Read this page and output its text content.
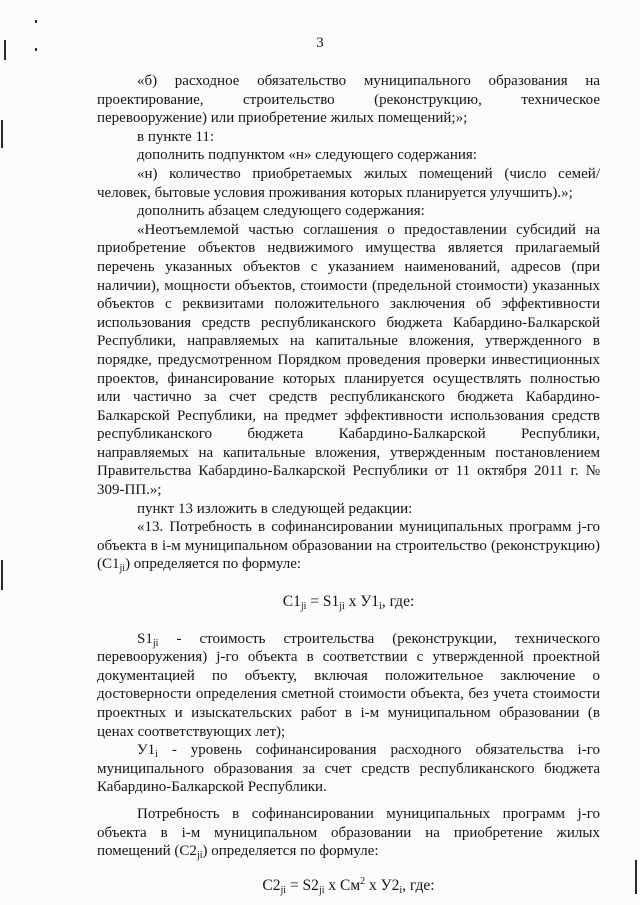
3

«б) расходное обязательство муниципального образования на проектирование, строительство (реконструкцию, техническое перевооружение) или приобретение жилых помещений;»;

в пункте 11:

дополнить подпунктом «н» следующего содержания:

«н) количество приобретаемых жилых помещений (число семей/человек, бытовые условия проживания которых планируется улучшить).»;

дополнить абзацем следующего содержания:

«Неотъемлемой частью соглашения о предоставлении субсидий на приобретение объектов недвижимого имущества является прилагаемый перечень указанных объектов с указанием наименований, адресов (при наличии), мощности объектов, стоимости (предельной стоимости) указанных объектов с реквизитами положительного заключения об эффективности использования средств республиканского бюджета Кабардино-Балкарской Республики, направляемых на капитальные вложения, утвержденного в порядке, предусмотренном Порядком проведения проверки инвестиционных проектов, финансирование которых планируется осуществлять полностью или частично за счет средств республиканского бюджета Кабардино-Балкарской Республики, на предмет эффективности использования средств республиканского бюджета Кабардино-Балкарской Республики, направляемых на капитальные вложения, утвержденным постановлением Правительства Кабардино-Балкарской Республики от 11 октября 2011 г. № 309-ПП.»;

пункт 13 изложить в следующей редакции:

«13. Потребность в софинансировании муниципальных программ j-го объекта в i-м муниципальном образовании на строительство (реконструкцию) $(C1_{ji})$ определяется по формуле:

$C1_{ji} = S1_{ji}$ х $У1_i$, где:

$S1_{ji}$ - стоимость строительства (реконструкции, технического перевооружения) j-го объекта в соответствии с утвержденной проектной документацией по объекту, включая положительное заключение о достоверности определения сметной стоимости объекта, без учета стоимости проектных и изыскательских работ в i-м муниципальном образовании (в ценах соответствующих лет);

$У1_i$ - уровень софинансирования расходного обязательства i-го муниципального образования за счет средств республиканского бюджета Кабардино-Балкарской Республики.

Потребность в софинансировании муниципальных программ j-го объекта в i-м муниципальном образовании на приобретение жилых помещений $(C2_{ji})$ определяется по формуле:

$C2_{ji} = S2_{ji}$ х $См^2$ х $У2_i$, где:
